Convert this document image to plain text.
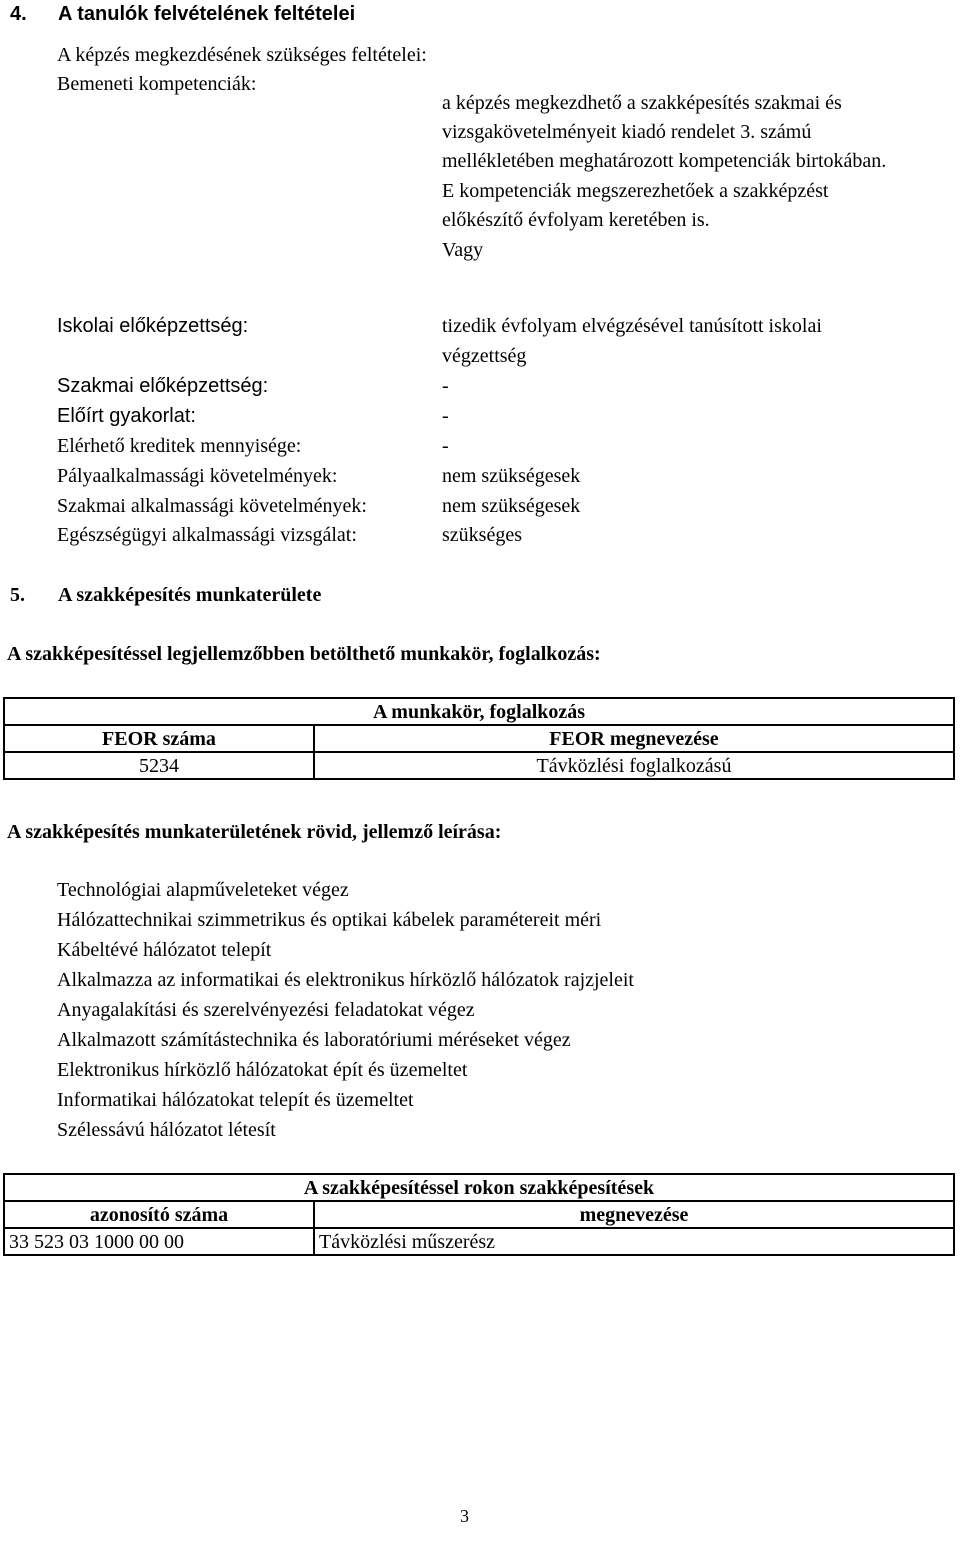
4. A tanulók felvételének feltételei
A képzés megkezdésének szükséges feltételei:
Bemeneti kompetenciák:
a képzés megkezdhető a szakképesítés szakmai és
vizsgakövetelményeit kiadó rendelet 3. számú
mellékletében meghatározott kompetenciák birtokában.
E kompetenciák megszerezhetőek a szakképzést
előkészítő évfolyam keretében is.
Vagy
Iskolai előképzettség:	tizedik évfolyam elvégzésével tanúsított iskolai
végzettség
Szakmai előképzettség:	-
Előírt gyakorlat:	-
Elérhető kreditek mennyisége:	-
Pályaalkalmassági követelmények:	nem szükségesek
Szakmai alkalmassági követelmények:	nem szükségesek
Egészségügyi alkalmassági vizsgálat:	szükséges
5. A szakképesítés munkaterülete
A szakképesítéssel legjellemzőbben betölthető munkakör, foglalkozás:
A munkakör, foglalkozás	
FEOR száma	FEOR megnevezése
5234	Távközlési foglalkozású
A szakképesítés munkaterületének rövid, jellemző leírása:
Technológiai alapműveleteket végez
Hálózattechnikai szimmetrikus és optikai kábelek paramétereit méri
Kábeltévé hálózatot telepít
Alkalmazza az informatikai és elektronikus hírközlő hálózatok rajzjeleit
Anyagalakítási és szerelvényezési feladatokat végez
Alkalmazott számítástechnika és laboratóriumi méréseket végez
Elektronikus hírközlő hálózatokat épít és üzemeltet
Informatikai hálózatokat telepít és üzemeltet
Szélessávú hálózatot létesít
A szakképesítéssel rokon szakképesítések	
azonosító száma	megnevezése
33 523 03 1000 00 00	Távközlési műszerész
3
